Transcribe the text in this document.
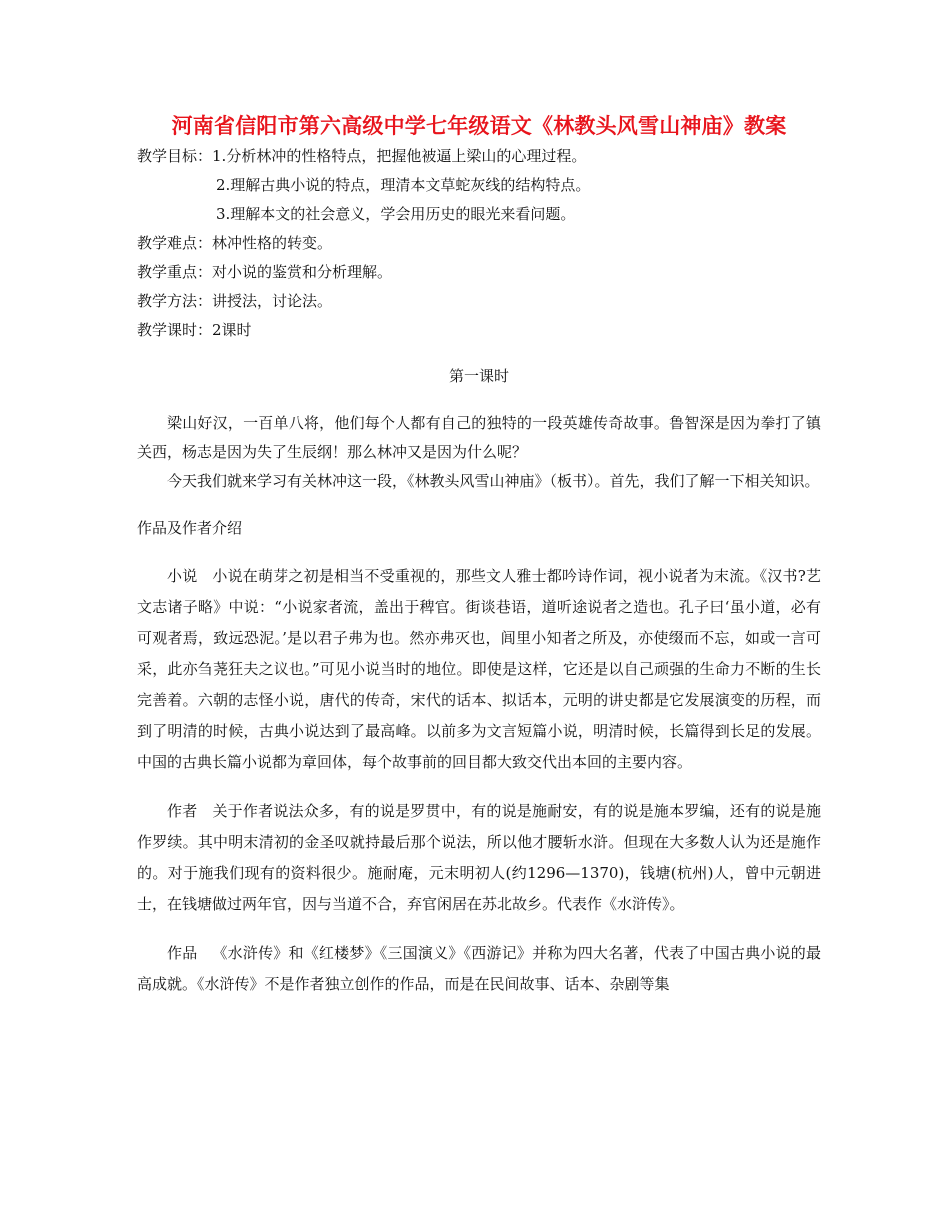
河南省信阳市第六高级中学七年级语文《林教头风雪山神庙》教案
教学目标：1.分析林冲的性格特点，把握他被逼上梁山的心理过程。
2.理解古典小说的特点，理清本文草蛇灰线的结构特点。
3.理解本文的社会意义，学会用历史的眼光来看问题。
教学难点：林冲性格的转变。
教学重点：对小说的鉴赏和分析理解。
教学方法：讲授法，讨论法。
教学课时：2课时
第一课时

梁山好汉，一百单八将，他们每个人都有自己的独特的一段英雄传奇故事。鲁智深是因为拳打了镇关西，杨志是因为失了生辰纲！那么林冲又是因为什么呢？

今天我们就来学习有关林冲这一段，《林教头风雪山神庙》（板书）。首先，我们了解一下相关知识。

作品及作者介绍

小说 小说在萌芽之初是相当不受重视的，那些文人雅士都吟诗作词，视小说者为末流。《汉书?艺文志诸子略》中说：“小说家者流，盖出于稗官。街谈巷语，道听途说者之造也。孔子曰‘虽小道，必有可观者焉，致远恐泥。’是以君子弗为也。然亦弗灭也，闾里小知者之所及，亦使缀而不忘，如或一言可采，此亦刍荛狂夫之议也。”可见小说当时的地位。即使是这样，它还是以自己顽强的生命力不断的生长完善着。六朝的志怪小说，唐代的传奇，宋代的话本、拟话本，元明的讲史都是它发展演变的历程，而到了明清的时候，古典小说达到了最高峰。以前多为文言短篇小说，明清时候，长篇得到长足的发展。中国的古典长篇小说都为章回体，每个故事前的回目都大致交代出本回的主要内容。

作者 关于作者说法众多，有的说是罗贯中，有的说是施耐安，有的说是施本罗编，还有的说是施作罗续。其中明末清初的金圣叹就持最后那个说法，所以他才腰斩水浒。但现在大多数人认为还是施作的。对于施我们现有的资料很少。施耐庵，元末明初人(约1296—1370)，钱塘(杭州)人，曾中元朝进士，在钱塘做过两年官，因与当道不合，弃官闲居在苏北故乡。代表作《水浒传》。

作品 《水浒传》和《红楼梦》《三国演义》《西游记》并称为四大名著，代表了中国古典小说的最高成就。《水浒传》不是作者独立创作的作品，而是在民间故事、话本、杂剧等集
